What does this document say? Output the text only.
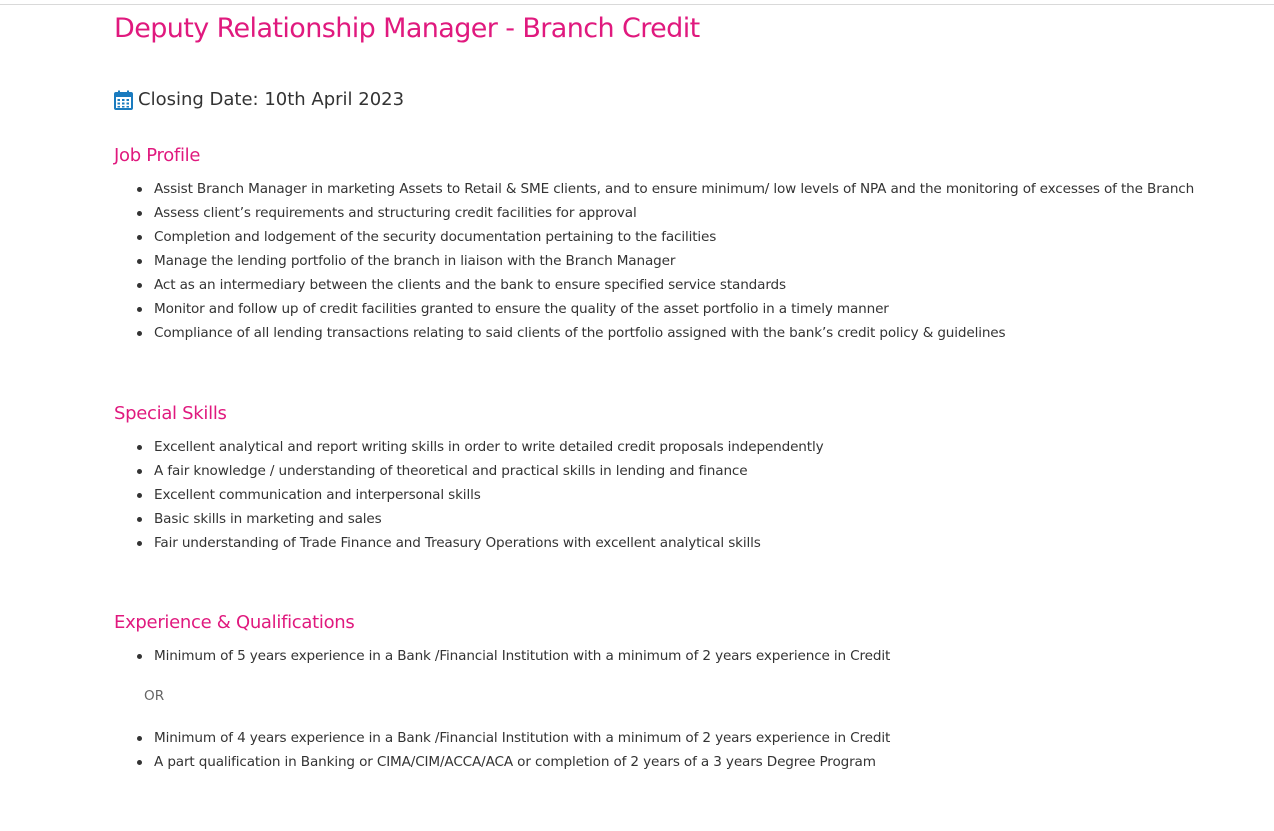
Deputy Relationship Manager - Branch Credit
Closing Date: 10th April 2023
Job Profile
Assist Branch Manager in marketing Assets to Retail & SME clients, and to ensure minimum/ low levels of NPA and the monitoring of excesses of the Branch
Assess client’s requirements and structuring credit facilities for approval
Completion and lodgement of the security documentation pertaining to the facilities
Manage the lending portfolio of the branch in liaison with the Branch Manager
Act as an intermediary between the clients and the bank to ensure specified service standards
Monitor and follow up of credit facilities granted to ensure the quality of the asset portfolio in a timely manner
Compliance of all lending transactions relating to said clients of the portfolio assigned with the bank’s credit policy & guidelines
Special Skills
Excellent analytical and report writing skills in order to write detailed credit proposals independently
A fair knowledge / understanding of theoretical and practical skills in lending and finance
Excellent communication and interpersonal skills
Basic skills in marketing and sales
Fair understanding of Trade Finance and Treasury Operations with excellent analytical skills
Experience & Qualifications
Minimum of 5 years experience in a Bank /Financial Institution with a minimum of 2 years experience in Credit
OR
Minimum of 4 years experience in a Bank /Financial Institution with a minimum of 2 years experience in Credit
A part qualification in Banking or CIMA/CIM/ACCA/ACA or completion of 2 years of a 3 years Degree Program
